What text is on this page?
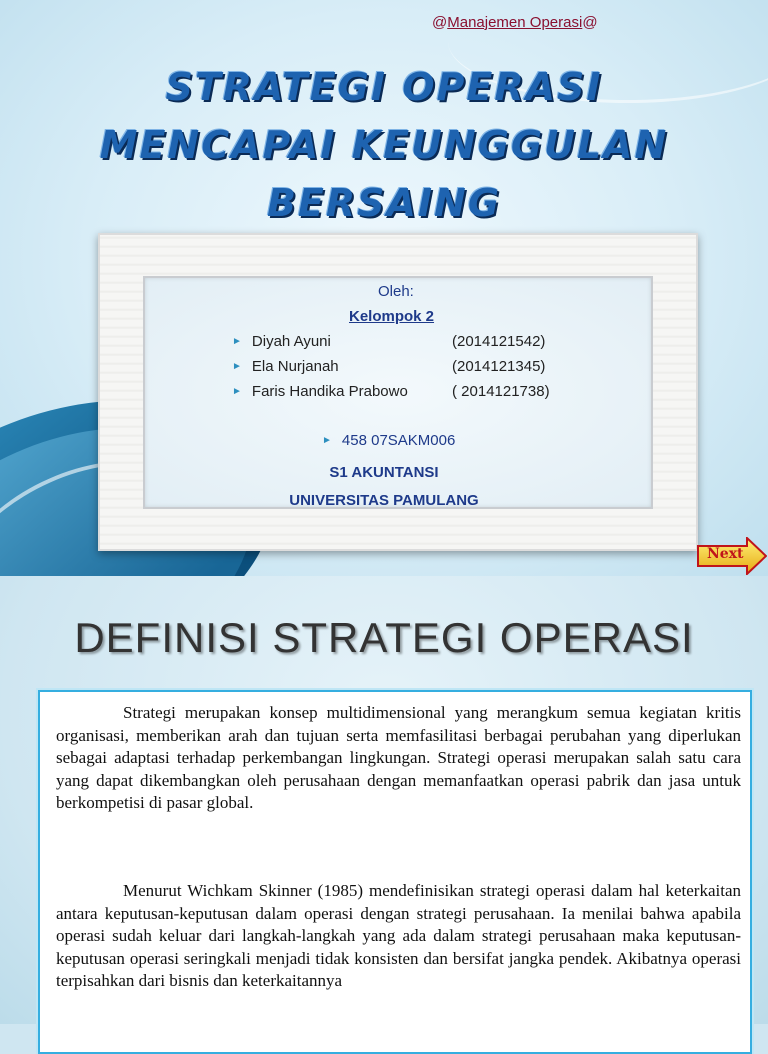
@Manajemen Operasi@
STRATEGI OPERASI
MENCAPAI KEUNGGULAN
BERSAING
Oleh:
Kelompok 2
► Diyah Ayuni	(2014121542)
► Ela Nurjanah	(2014121345)
► Faris Handika Prabowo	( 2014121738)
► 458 07SAKM006
S1 AKUNTANSI
UNIVERSITAS PAMULANG
Next
DEFINISI STRATEGI OPERASI

Strategi merupakan konsep multidimensional yang merangkum semua kegiatan kritis organisasi, memberikan arah dan tujuan serta memfasilitasi berbagai perubahan yang diperlukan sebagai adaptasi terhadap perkembangan lingkungan. Strategi operasi merupakan salah satu cara yang dapat dikembangkan oleh perusahaan dengan memanfaatkan operasi pabrik dan jasa untuk berkompetisi di pasar global.

Menurut Wichkam Skinner (1985) mendefinisikan strategi operasi dalam hal keterkaitan antara keputusan-keputusan dalam operasi dengan strategi perusahaan. Ia menilai bahwa apabila operasi sudah keluar dari langkah-langkah yang ada dalam strategi perusahaan maka keputusan-keputusan operasi seringkali menjadi tidak konsisten dan bersifat jangka pendek. Akibatnya operasi terpisahkan dari bisnis dan keterkaitannya
